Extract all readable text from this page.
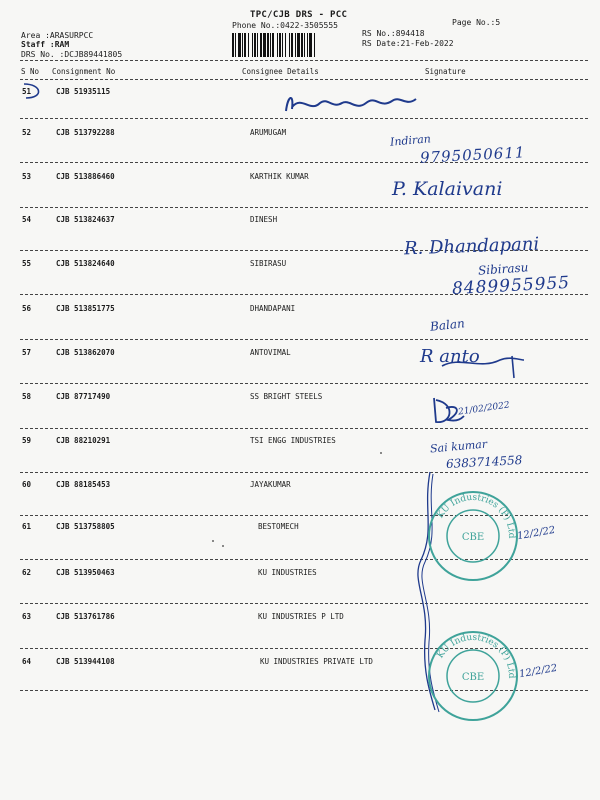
TPC/CJB DRS - PCC
Phone No.:0422-3505555	Page No.:5
RS No.:894418
RS Date:21-Feb-2022
Area :ARASURPCC
Staff :RAM
DRS No. :DCJB89441805
S No Consignment No	Consignee Details	Signature
51	CJB 51935115
52	CJB 513792288	ARUMUGAM
53	CJB 513886460	KARTHIK KUMAR
54	CJB 513824637	DINESH
55	CJB 513824640	SIBIRASU
56	CJB 513851775	DHANDAPANI
57	CJB 513862070	ANTOVIMAL
58	CJB 87717490	SS BRIGHT STEELS
59	CJB 88210291	TSI ENGG INDUSTRIES
60	CJB 88185453	JAYAKUMAR
61	CJB 513758805	BESTOMECH
62	CJB 513950463	KU INDUSTRIES
63	CJB 513761786	KU INDUSTRIES P LTD
64	CJB 513944108	KU INDUSTRIES PRIVATE LTD
Nesereulur
Indiran
9795050611
P. Kalaivani
R. Dhandapani
Sibirasu
8489955955
Balan
R anto
21/02/2022
Sai kumar
6383714558
KU Industries (P) Ltd
CBE	12/2/22
KU Industries (P) Ltd
CBE	12/2/22
